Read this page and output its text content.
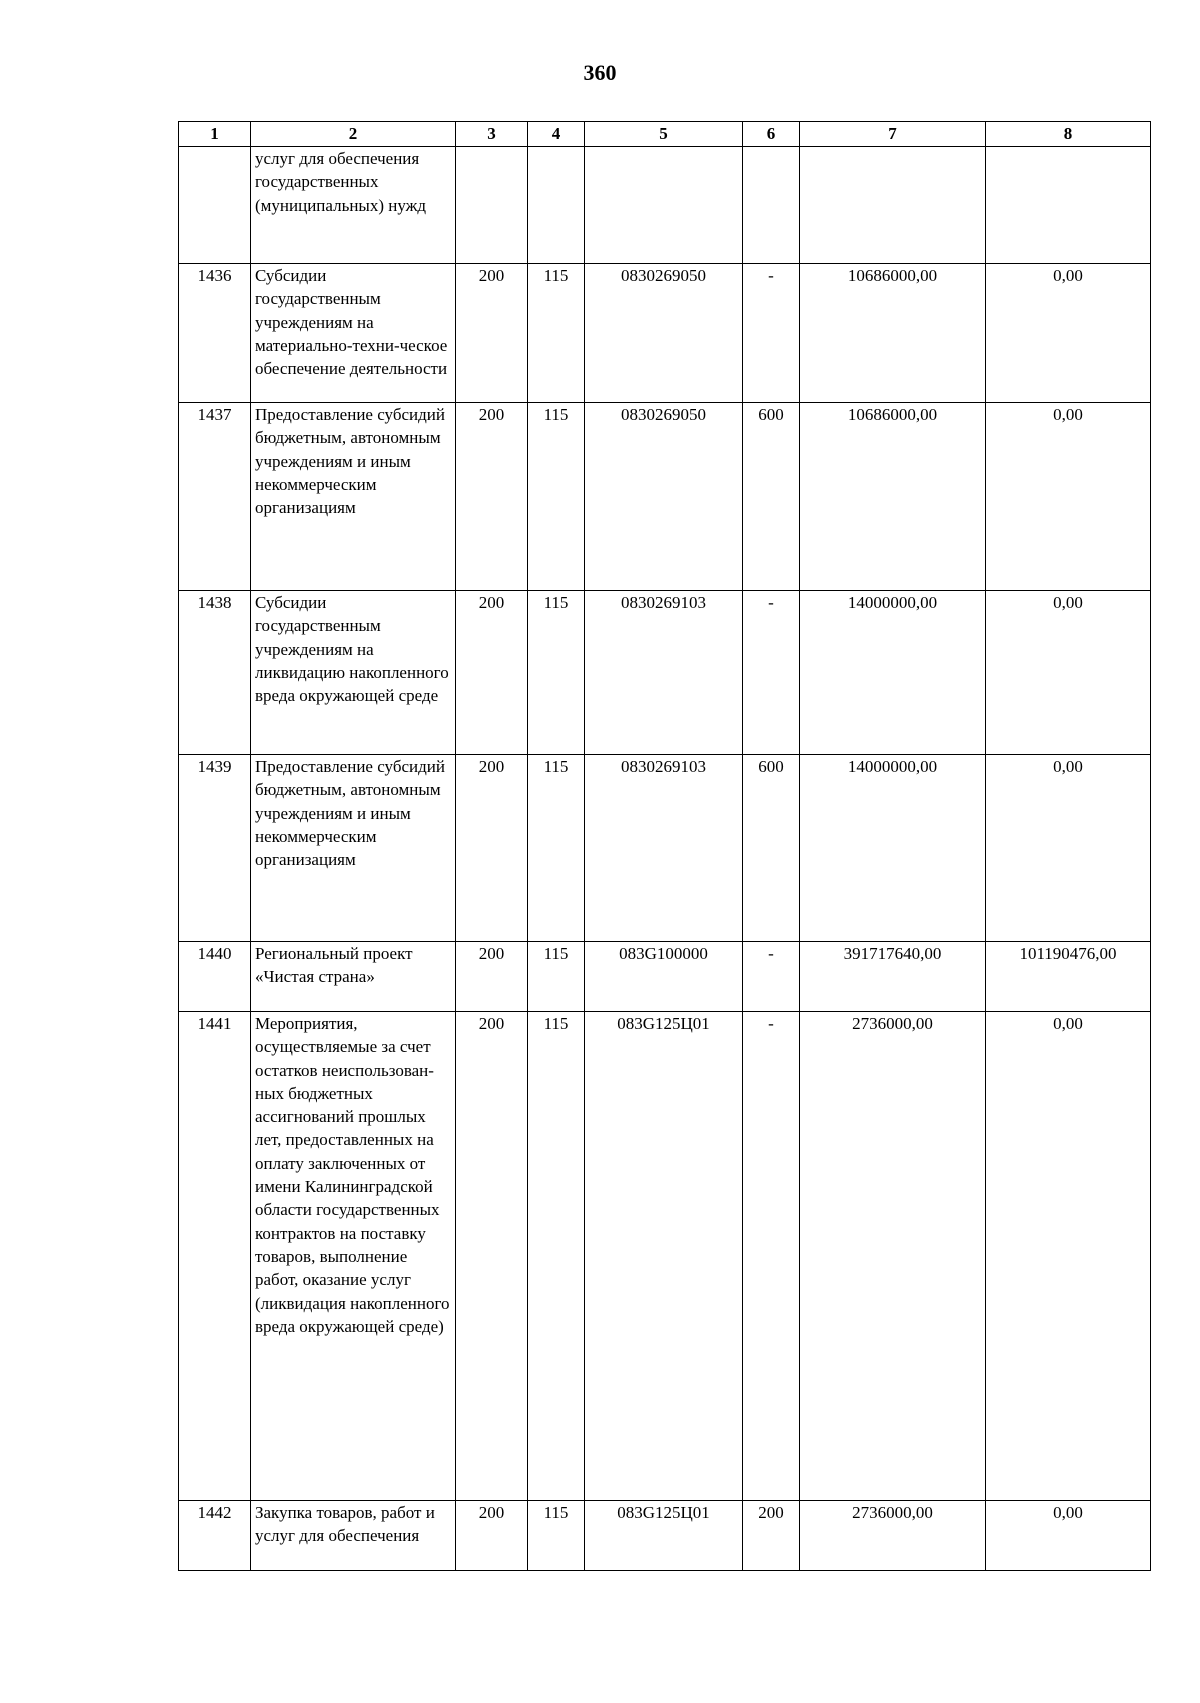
360
1	2	3	4	5	6	7	8
	услуг для обеспечения государственных (муниципальных) нужд						
1436	Субсидии государственным учреждениям на материально-техни-ческое обеспечение деятельности	200	115	0830269050	-	10686000,00	0,00
1437	Предоставление субсидий бюджетным, автономным учреждениям и иным некоммерческим организациям	200	115	0830269050	600	10686000,00	0,00
1438	Субсидии государственным учреждениям на ликвидацию накопленного вреда окружающей среде	200	115	0830269103	-	14000000,00	0,00
1439	Предоставление субсидий бюджетным, автономным учреждениям и иным некоммерческим организациям	200	115	0830269103	600	14000000,00	0,00
1440	Региональный проект «Чистая страна»	200	115	083G100000	-	391717640,00	101190476,00
1441	Мероприятия, осуществляемые за счет остатков неиспользован-ных бюджетных ассигнований прошлых лет, предоставленных на оплату заключенных от имени Калининградской области государственных контрактов на поставку товаров, выполнение работ, оказание услуг (ликвидация накопленного вреда окружающей среде)	200	115	083G125Ц01	-	2736000,00	0,00
1442	Закупка товаров, работ и услуг для обеспечения	200	115	083G125Ц01	200	2736000,00	0,00
